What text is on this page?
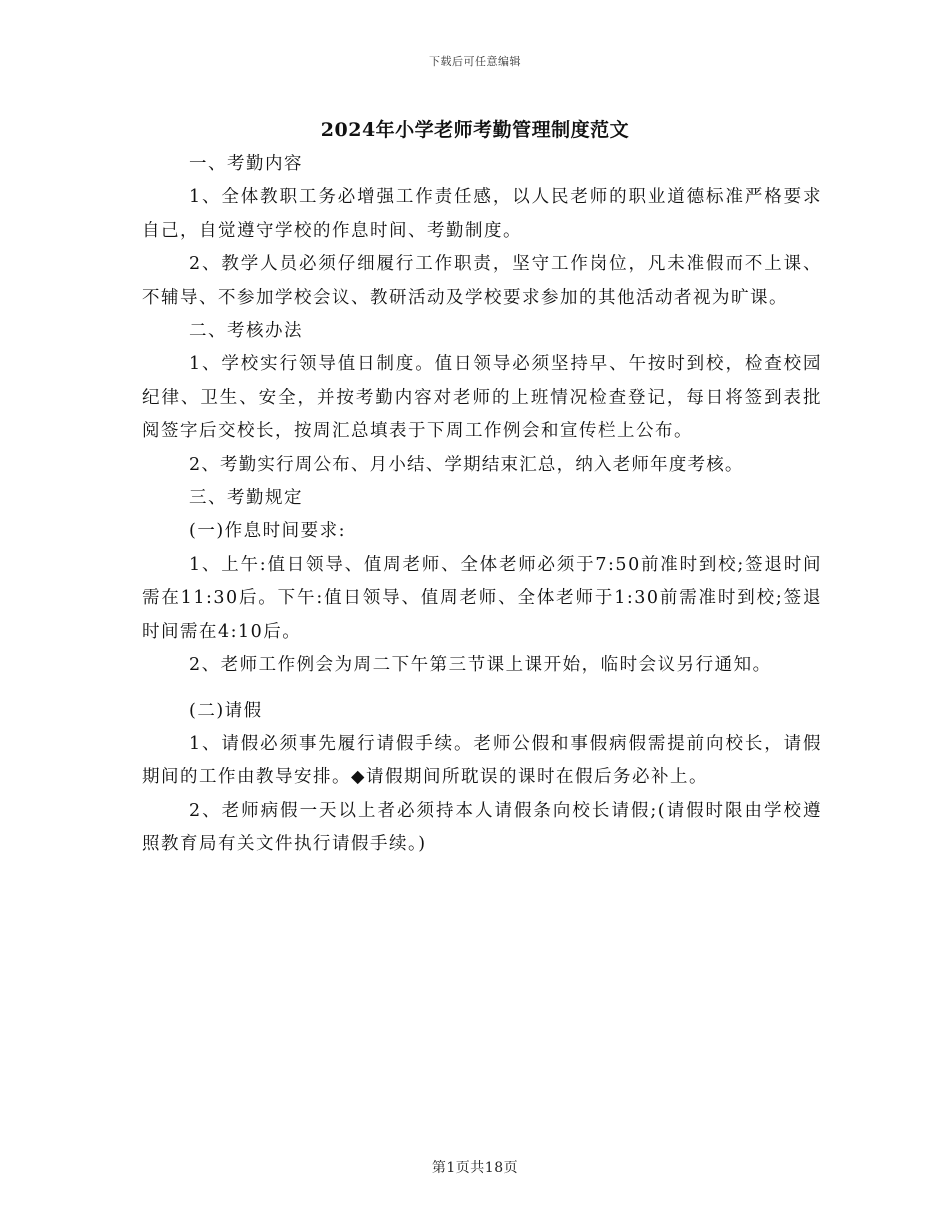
下载后可任意编辑
2024年小学老师考勤管理制度范文

一、考勤内容

1、全体教职工务必增强工作责任感，以人民老师的职业道德标准严格要求自己，自觉遵守学校的作息时间、考勤制度。

2、教学人员必须仔细履行工作职责，坚守工作岗位，凡未准假而不上课、不辅导、不参加学校会议、教研活动及学校要求参加的其他活动者视为旷课。

二、考核办法

1、学校实行领导值日制度。值日领导必须坚持早、午按时到校，检查校园纪律、卫生、安全，并按考勤内容对老师的上班情况检查登记，每日将签到表批阅签字后交校长，按周汇总填表于下周工作例会和宣传栏上公布。

2、考勤实行周公布、月小结、学期结束汇总，纳入老师年度考核。

三、考勤规定

(一)作息时间要求:

1、上午:值日领导、值周老师、全体老师必须于7:50前准时到校;签退时间需在11:30后。下午:值日领导、值周老师、全体老师于1:30前需准时到校;签退时间需在4:10后。

2、老师工作例会为周二下午第三节课上课开始，临时会议另行通知。

(二)请假

1、请假必须事先履行请假手续。老师公假和事假病假需提前向校长，请假期间的工作由教导安排。◆请假期间所耽误的课时在假后务必补上。

2、老师病假一天以上者必须持本人请假条向校长请假;(请假时限由学校遵照教育局有关文件执行请假手续。)

第1页共18页
